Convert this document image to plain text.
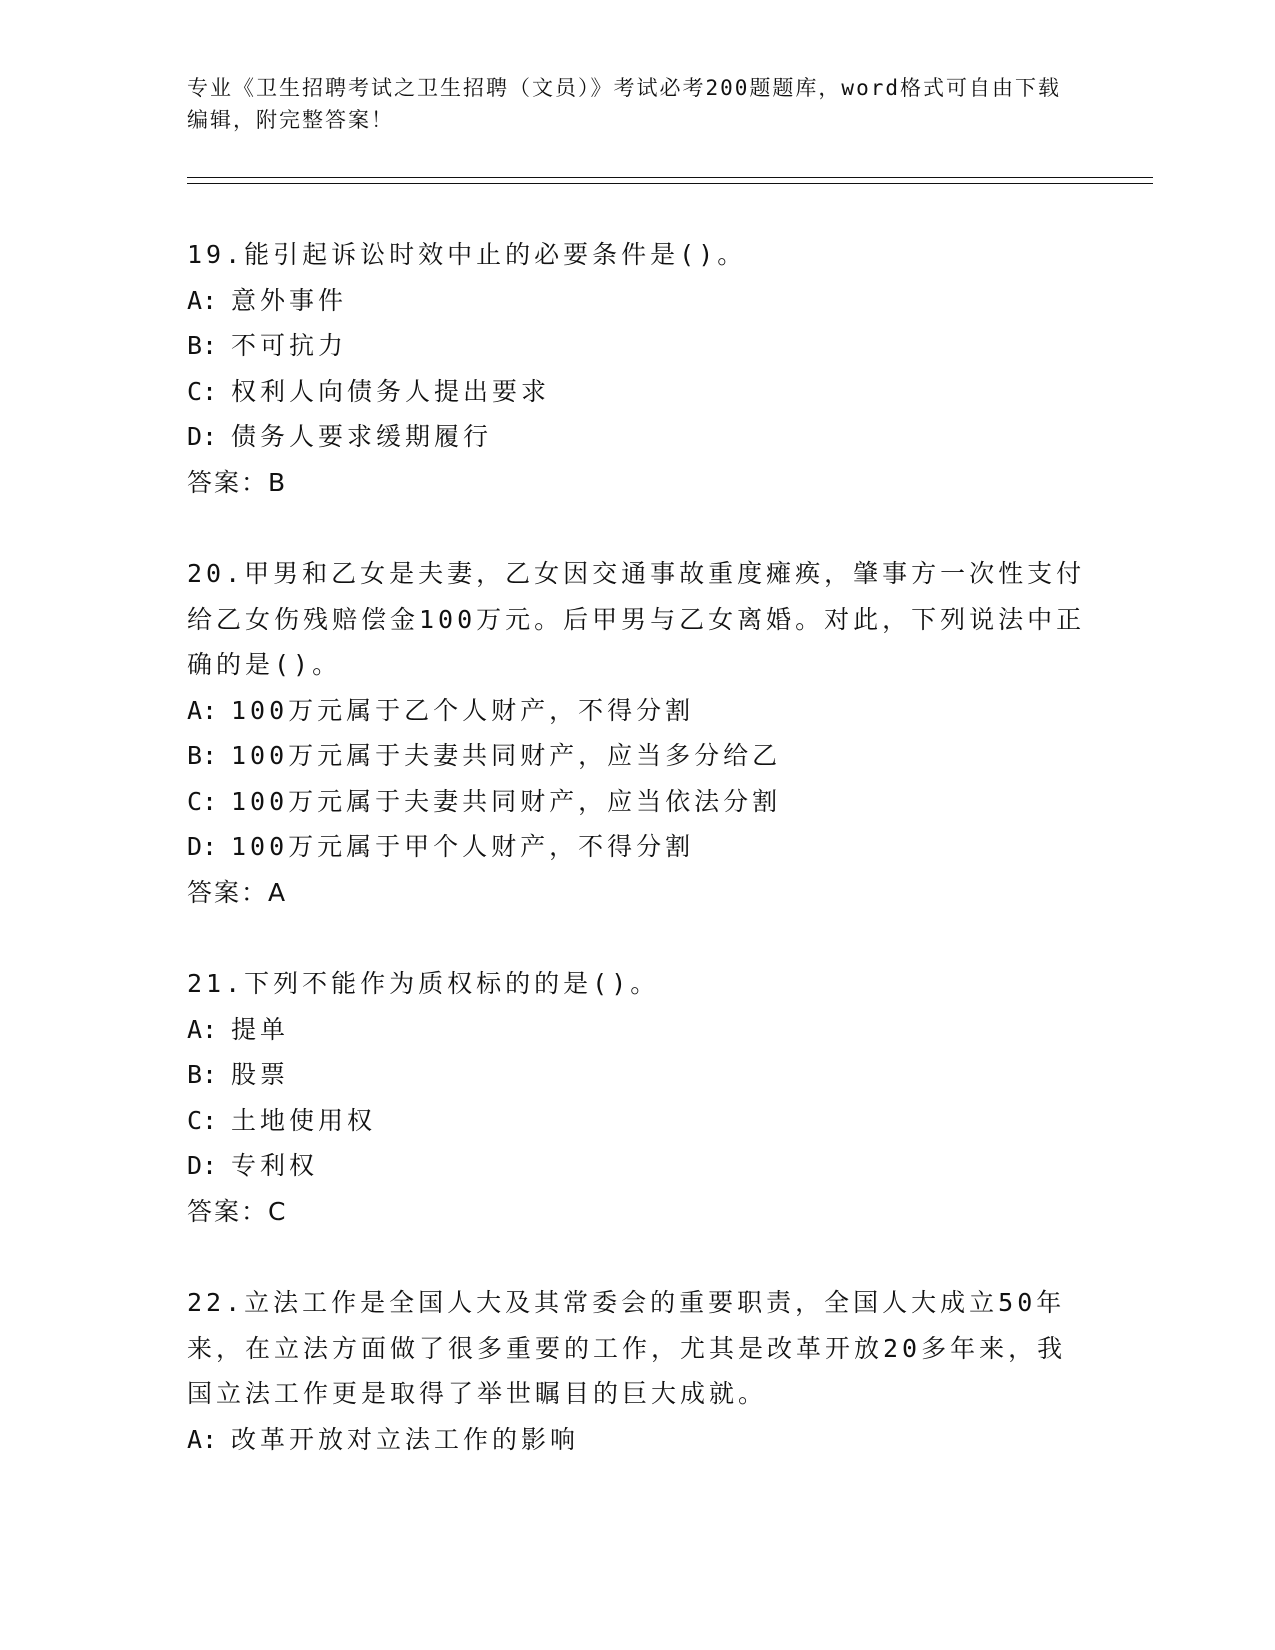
专业《卫生招聘考试之卫生招聘（文员）》考试必考200题题库，word格式可自由下载编辑，附完整答案！
19.能引起诉讼时效中止的必要条件是()。
A: 意外事件
B: 不可抗力
C: 权利人向债务人提出要求
D: 债务人要求缓期履行
答案：B
20.甲男和乙女是夫妻，乙女因交通事故重度瘫痪，肇事方一次性支付给乙女伤残赔偿金100万元。后甲男与乙女离婚。对此，下列说法中正确的是()。
A: 100万元属于乙个人财产，不得分割
B: 100万元属于夫妻共同财产，应当多分给乙
C: 100万元属于夫妻共同财产，应当依法分割
D: 100万元属于甲个人财产，不得分割
答案：A
21.下列不能作为质权标的的是()。
A: 提单
B: 股票
C: 土地使用权
D: 专利权
答案：C
22.立法工作是全国人大及其常委会的重要职责，全国人大成立50年来，在立法方面做了很多重要的工作，尤其是改革开放20多年来，我国立法工作更是取得了举世瞩目的巨大成就。
A: 改革开放对立法工作的影响
